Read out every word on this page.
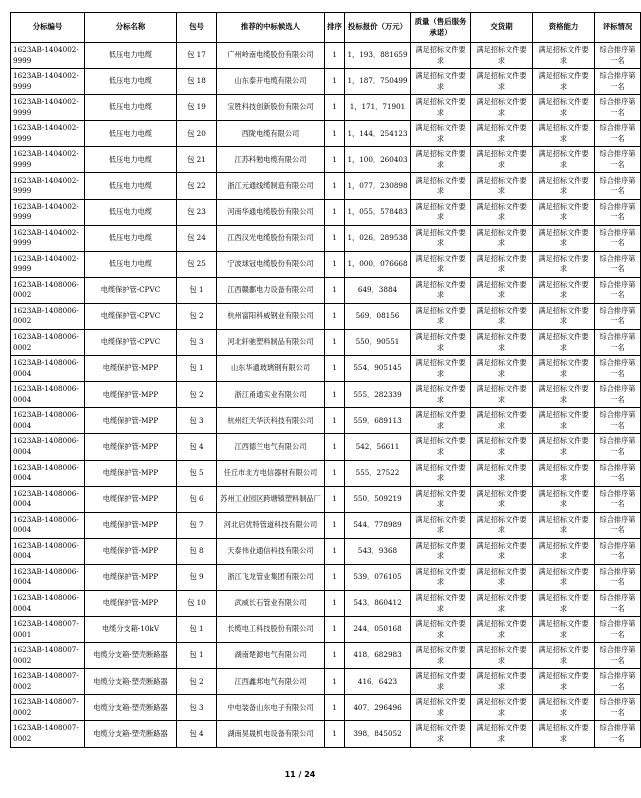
分标编号	分标名称	包号	推荐的中标候选人	排序	投标报价（万元）	质量（售后服务承诺）	交货期	资格能力	评标情况
1623AB-1404002-9999	低压电力电缆	包 17	广州岭南电缆股份有限公司	1	1，193．881659	满足招标文件要求	满足招标文件要求	满足招标文件要求	综合排序第一名
1623AB-1404002-9999	低压电力电缆	包 18	山东泰开电缆有限公司	1	1，187．750499	满足招标文件要求	满足招标文件要求	满足招标文件要求	综合排序第一名
1623AB-1404002-9999	低压电力电缆	包 19	宝胜科技创新股份有限公司	1	1，171．71901	满足招标文件要求	满足招标文件要求	满足招标文件要求	综合排序第一名
1623AB-1404002-9999	低压电力电缆	包 20	西陇电缆有限公司	1	1，144．254123	满足招标文件要求	满足招标文件要求	满足招标文件要求	综合排序第一名
1623AB-1404002-9999	低压电力电缆	包 21	江苏科勉电缆有限公司	1	1，100．260403	满足招标文件要求	满足招标文件要求	满足招标文件要求	综合排序第一名
1623AB-1404002-9999	低压电力电缆	包 22	浙江元通线缆制造有限公司	1	1，077．230898	满足招标文件要求	满足招标文件要求	满足招标文件要求	综合排序第一名
1623AB-1404002-9999	低压电力电缆	包 23	河南华通电缆股份有限公司	1	1，055．578483	满足招标文件要求	满足招标文件要求	满足招标文件要求	综合排序第一名
1623AB-1404002-9999	低压电力电缆	包 24	江西汉光电缆股份有限公司	1	1，026．289538	满足招标文件要求	满足招标文件要求	满足招标文件要求	综合排序第一名
1623AB-1404002-9999	低压电力电缆	包 25	宁波球冠电缆股份有限公司	1	1，000．076668	满足招标文件要求	满足招标文件要求	满足招标文件要求	综合排序第一名
1623AB-1408006-0002	电缆保护管-CPVC	包 1	江西赣鄱电力设备有限公司	1	649．3884	满足招标文件要求	满足招标文件要求	满足招标文件要求	综合排序第一名
1623AB-1408006-0002	电缆保护管-CPVC	包 2	杭州富阳科威钢业有限公司	1	569．08156	满足招标文件要求	满足招标文件要求	满足招标文件要求	综合排序第一名
1623AB-1408006-0002	电缆保护管-CPVC	包 3	河北轩驰塑料制品有限公司	1	550．90551	满足招标文件要求	满足招标文件要求	满足招标文件要求	综合排序第一名
1623AB-1408006-0004	电缆保护管-MPP	包 1	山东华通玻璃钢有限公司	1	554．905145	满足招标文件要求	满足招标文件要求	满足招标文件要求	综合排序第一名
1623AB-1408006-0004	电缆保护管-MPP	包 2	浙江甬通实业有限公司	1	555．282339	满足招标文件要求	满足招标文件要求	满足招标文件要求	综合排序第一名
1623AB-1408006-0004	电缆保护管-MPP	包 3	杭州红天华沃科技有限公司	1	559．689113	满足招标文件要求	满足招标文件要求	满足招标文件要求	综合排序第一名
1623AB-1408006-0004	电缆保护管-MPP	包 4	江西德兰电气有限公司	1	542．56611	满足招标文件要求	满足招标文件要求	满足招标文件要求	综合排序第一名
1623AB-1408006-0004	电缆保护管-MPP	包 5	任丘市北方电信器材有限公司	1	555．27522	满足招标文件要求	满足招标文件要求	满足招标文件要求	综合排序第一名
1623AB-1408006-0004	电缆保护管-MPP	包 6	苏州工业园区跨塘镇塑料制品厂	1	550．509219	满足招标文件要求	满足招标文件要求	满足招标文件要求	综合排序第一名
1623AB-1408006-0004	电缆保护管-MPP	包 7	河北启优特管道科技有限公司	1	544．778989	满足招标文件要求	满足招标文件要求	满足招标文件要求	综合排序第一名
1623AB-1408006-0004	电缆保护管-MPP	包 8	天泰伟业通信科技有限公司	1	543．9368	满足招标文件要求	满足招标文件要求	满足招标文件要求	综合排序第一名
1623AB-1408006-0004	电缆保护管-MPP	包 9	浙江飞龙管业集团有限公司	1	539．076105	满足招标文件要求	满足招标文件要求	满足招标文件要求	综合排序第一名
1623AB-1408006-0004	电缆保护管-MPP	包 10	武威长石管业有限公司	1	543．860412	满足招标文件要求	满足招标文件要求	满足招标文件要求	综合排序第一名
1623AB-1408007-0001	电缆分支箱-10kV	包 1	长缆电工科技股份有限公司	1	244．050168	满足招标文件要求	满足招标文件要求	满足招标文件要求	综合排序第一名
1623AB-1408007-0002	电缆分支箱-塑壳断路器	包 1	湖南楚源电气有限公司	1	418．682983	满足招标文件要求	满足招标文件要求	满足招标文件要求	综合排序第一名
1623AB-1408007-0002	电缆分支箱-塑壳断路器	包 2	江西鑫邦电气有限公司	1	416．6423	满足招标文件要求	满足招标文件要求	满足招标文件要求	综合排序第一名
1623AB-1408007-0002	电缆分支箱-塑壳断路器	包 3	中电装备山东电子有限公司	1	407．296496	满足招标文件要求	满足招标文件要求	满足招标文件要求	综合排序第一名
1623AB-1408007-0002	电缆分支箱-塑壳断路器	包 4	湖南昊晟机电设备有限公司	1	398．845052	满足招标文件要求	满足招标文件要求	满足招标文件要求	综合排序第一名
11 / 24
